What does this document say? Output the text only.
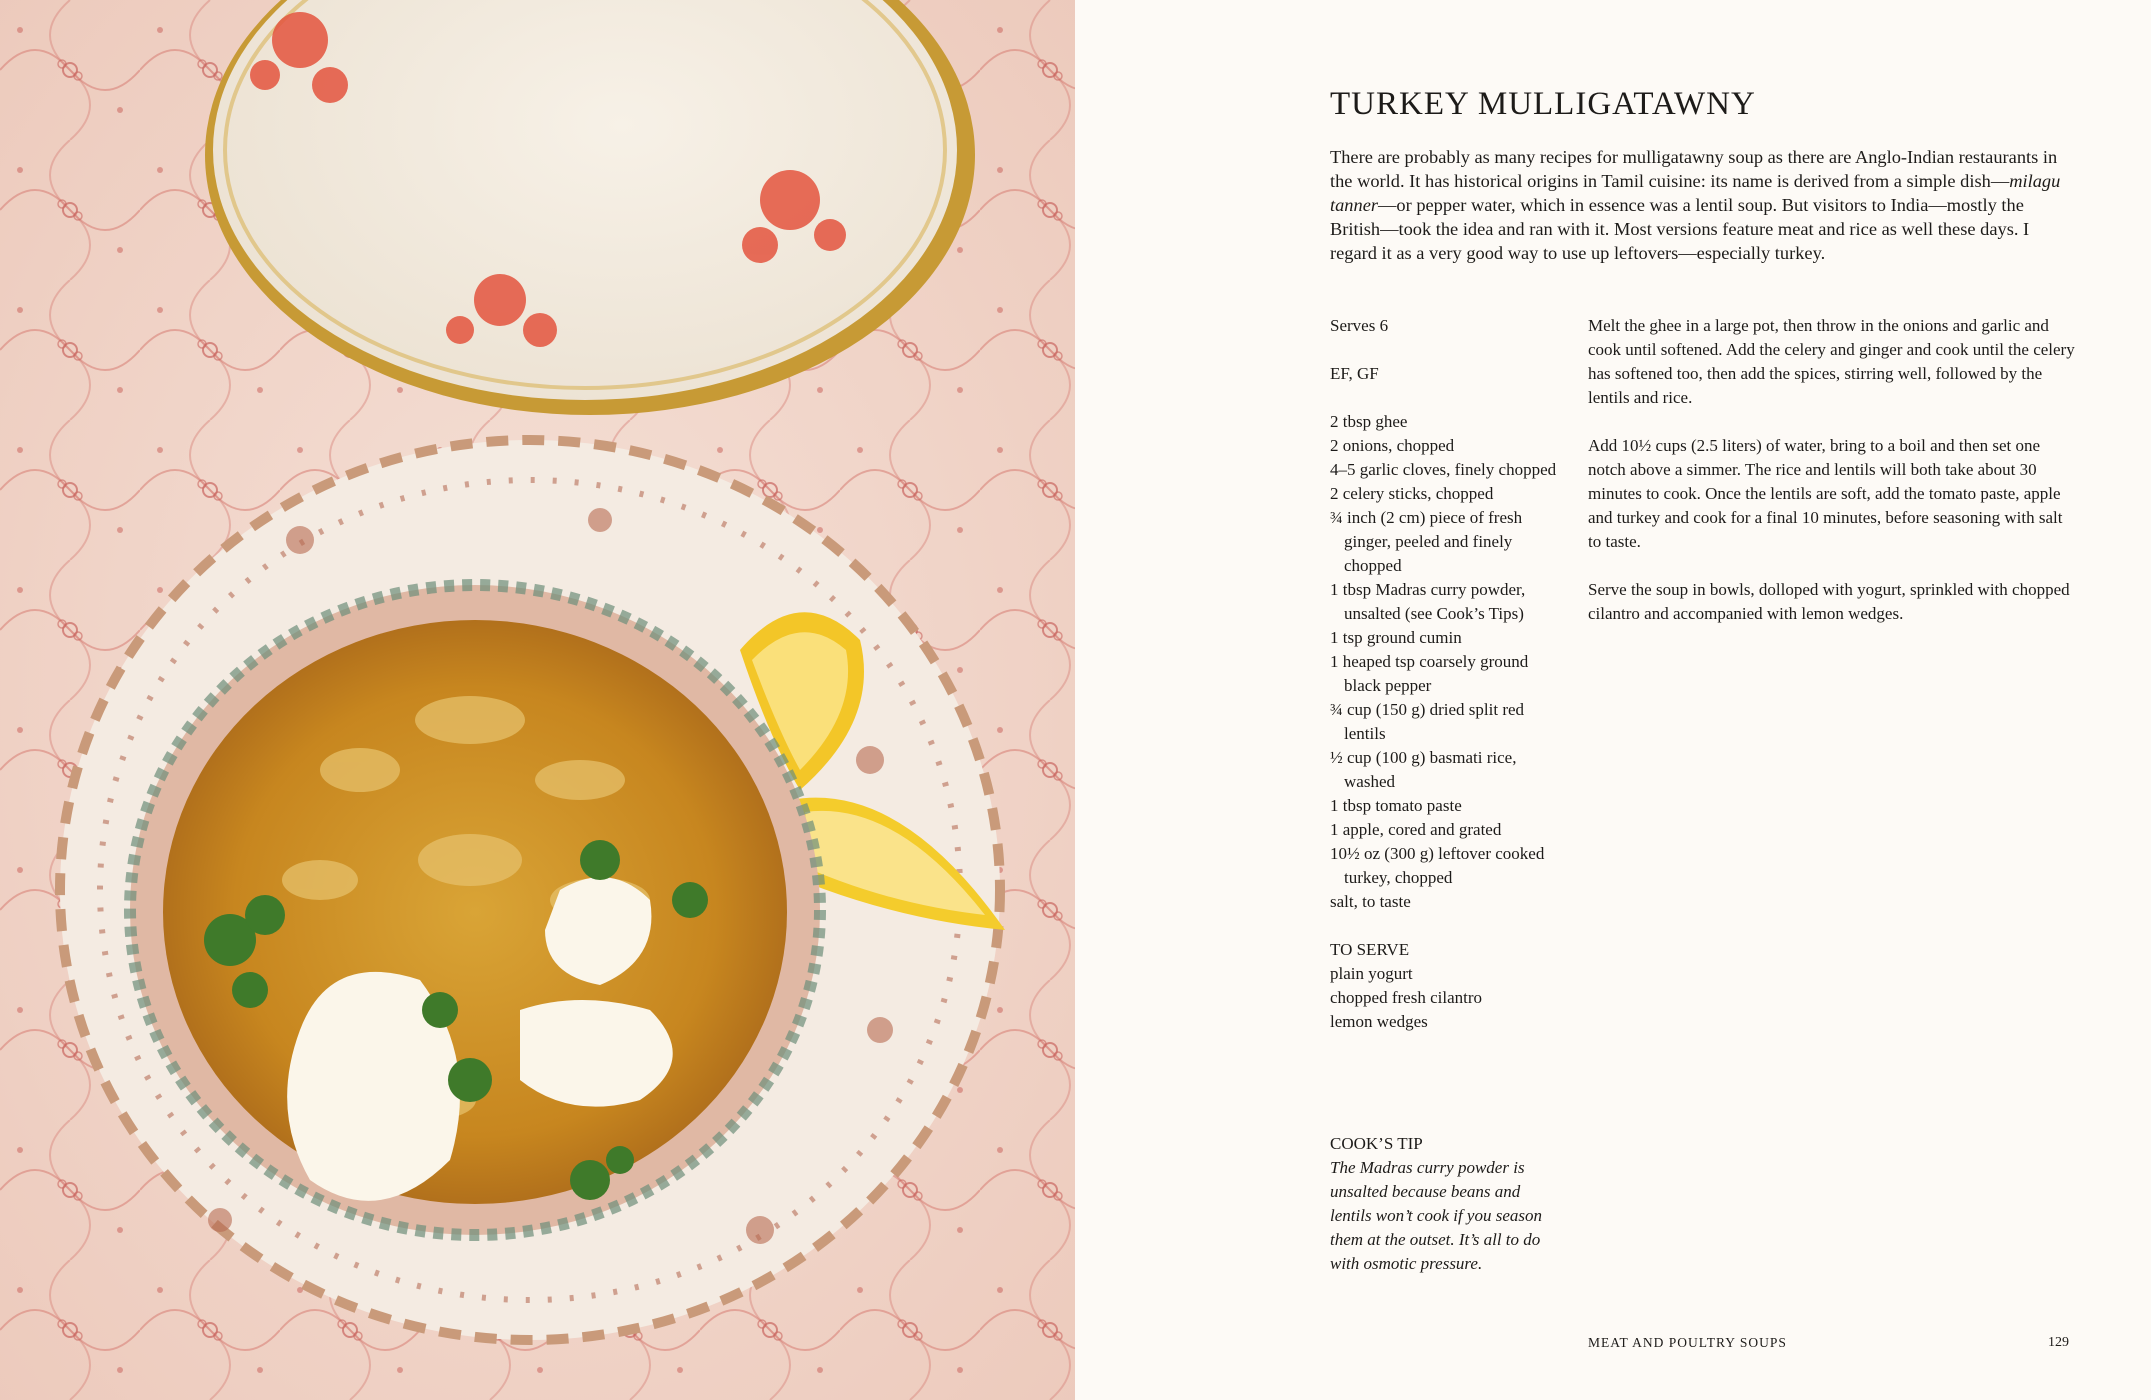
TURKEY MULLIGATAWNY

There are probably as many recipes for mulligatawny soup as there are Anglo-Indian restaurants in the world. It has historical origins in Tamil cuisine: its name is derived from a simple dish—milagu tanner—or pepper water, which in essence was a lentil soup. But visitors to India—mostly the British—took the idea and ran with it. Most versions feature meat and rice as well these days. I regard it as a very good way to use up leftovers—especially turkey.

Serves 6
EF, GF
2 tbsp ghee
2 onions, chopped
4–5 garlic cloves, finely chopped
2 celery sticks, chopped
¾ inch (2 cm) piece of fresh ginger, peeled and finely chopped
1 tbsp Madras curry powder, unsalted (see Cook’s Tips)
1 tsp ground cumin
1 heaped tsp coarsely ground black pepper
¾ cup (150 g) dried split red lentils
½ cup (100 g) basmati rice, washed
1 tbsp tomato paste
1 apple, cored and grated
10½ oz (300 g) leftover cooked turkey, chopped
salt, to taste
TO SERVE
plain yogurt
chopped fresh cilantro
lemon wedges

Melt the ghee in a large pot, then throw in the onions and garlic and cook until softened. Add the celery and ginger and cook until the celery has softened too, then add the spices, stirring well, followed by the lentils and rice.

Add 10½ cups (2.5 liters) of water, bring to a boil and then set one notch above a simmer. The rice and lentils will both take about 30 minutes to cook. Once the lentils are soft, add the tomato paste, apple and turkey and cook for a final 10 minutes, before seasoning with salt to taste.

Serve the soup in bowls, dolloped with yogurt, sprinkled with chopped cilantro and accompanied with lemon wedges.

COOK’S TIP

The Madras curry powder is unsalted because beans and lentils won’t cook if you season them at the outset. It’s all to do with osmotic pressure.

MEAT AND POULTRY SOUPS	129
